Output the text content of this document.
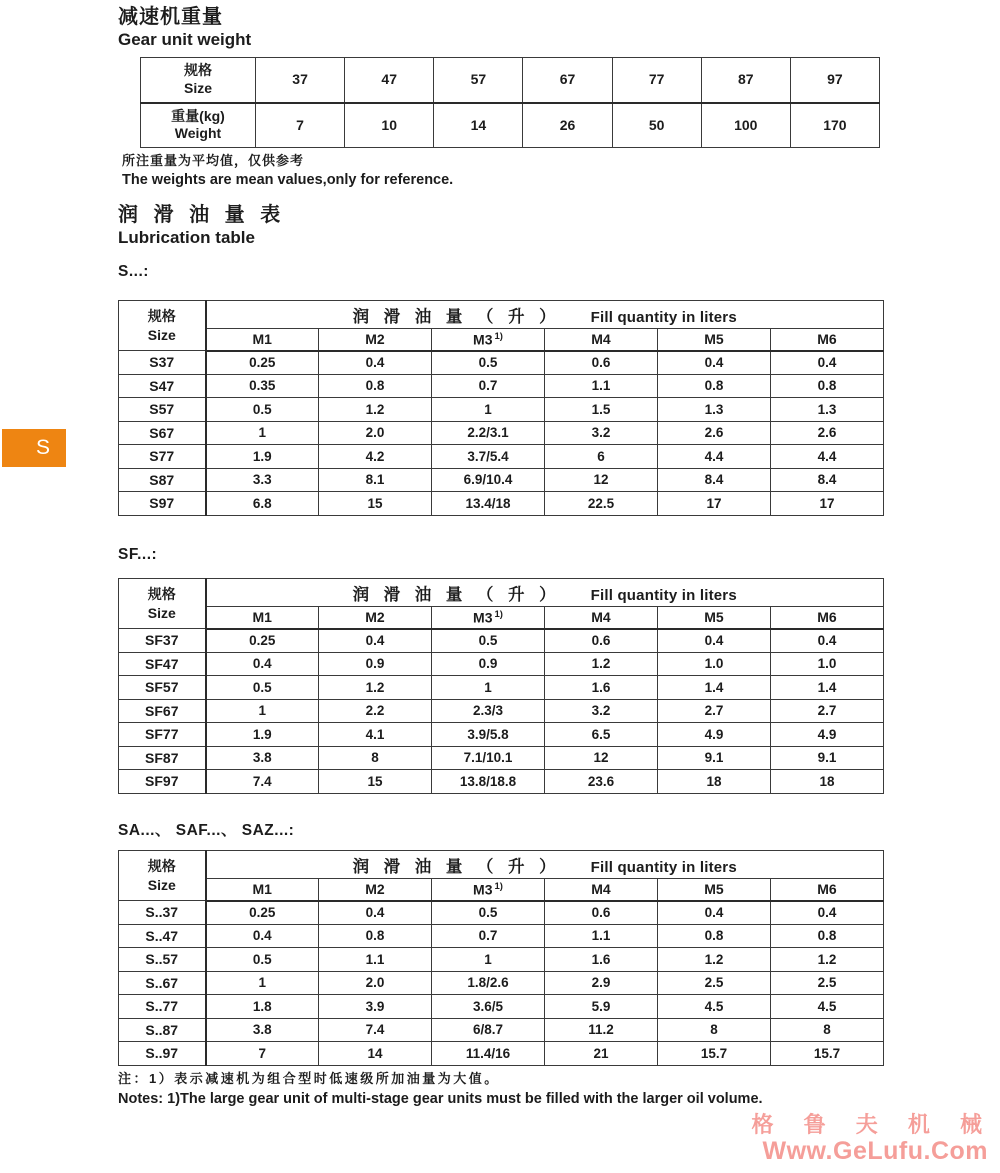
S
减速机重量
Gear unit weight
规格
Size	37	47	57	67	77	87	97
重量(kg)
Weight	7	10	14	26	50	100	170
所注重量为平均值，仅供参考
The weights are mean values,only for reference.
润 滑 油 量 表
Lubrication table
S...:
规格
Size	润 滑 油 量 （ 升 ） Fill quantity in liters					
	M1	M2	M3 $^{1)}$	M4	M5	M6
S37	0.25	0.4	0.5	0.6	0.4	0.4
S47	0.35	0.8	0.7	1.1	0.8	0.8
S57	0.5	1.2	1	1.5	1.3	1.3
S67	1	2.0	2.2/3.1	3.2	2.6	2.6
S77	1.9	4.2	3.7/5.4	6	4.4	4.4
S87	3.3	8.1	6.9/10.4	12	8.4	8.4
S97	6.8	15	13.4/18	22.5	17	17
SF...:
规格
Size	润 滑 油 量 （ 升 ） Fill quantity in liters					
	M1	M2	M3 $^{1)}$	M4	M5	M6
SF37	0.25	0.4	0.5	0.6	0.4	0.4
SF47	0.4	0.9	0.9	1.2	1.0	1.0
SF57	0.5	1.2	1	1.6	1.4	1.4
SF67	1	2.2	2.3/3	3.2	2.7	2.7
SF77	1.9	4.1	3.9/5.8	6.5	4.9	4.9
SF87	3.8	8	7.1/10.1	12	9.1	9.1
SF97	7.4	15	13.8/18.8	23.6	18	18
SA...、 SAF...、 SAZ...:
规格
Size	润 滑 油 量 （ 升 ） Fill quantity in liters					
	M1	M2	M3 $^{1)}$	M4	M5	M6
S..37	0.25	0.4	0.5	0.6	0.4	0.4
S..47	0.4	0.8	0.7	1.1	0.8	0.8
S..57	0.5	1.1	1	1.6	1.2	1.2
S..67	1	2.0	1.8/2.6	2.9	2.5	2.5
S..77	1.8	3.9	3.6/5	5.9	4.5	4.5
S..87	3.8	7.4	6/8.7	11.2	8	8
S..97	7	14	11.4/16	21	15.7	15.7
注：1）表示减速机为组合型时低速级所加油量为大值。
Notes: 1)The large gear unit of multi-stage gear units must be filled with the larger oil volume.
格 鲁 夫 机 械
Www.GeLufu.Com
